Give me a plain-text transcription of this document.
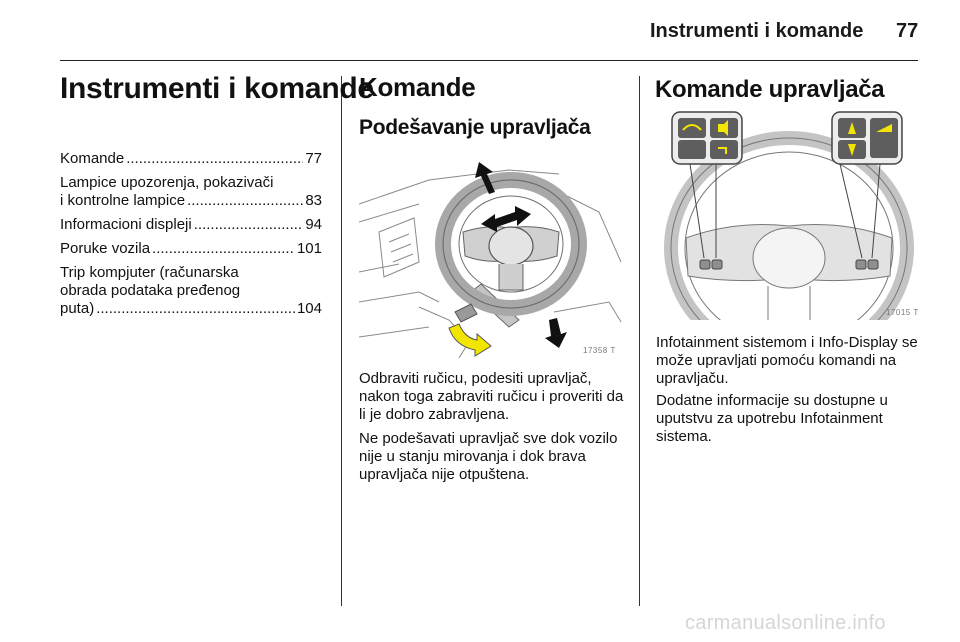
Instrumenti i komande 77
Instrumenti i komande
Komande .....	77
Lampice upozorenja, pokazivači
i kontrolne lampice .....	83
Informacioni displeji .....	94
Poruke vozila .....	101
Trip kompjuter (računarska
obrada podataka pređenog
puta) .....	104
Komande
Podešavanje upravljača
17358 T

Odbraviti ručicu, podesiti upravljač, nakon toga zabraviti ručicu i proveriti da li je dobro zabravljena.

Ne podešavati upravljač sve dok vozilo nije u stanju mirovanja i dok brava upravljača nije otpuštena.

Komande upravljača
17015 T

Infotainment sistemom i Info-Display se može upravljati pomoću komandi na upravljaču.

Dodatne informacije su dostupne u uputstvu za upotrebu Infotainment sistema.

carmanualsonline.info
